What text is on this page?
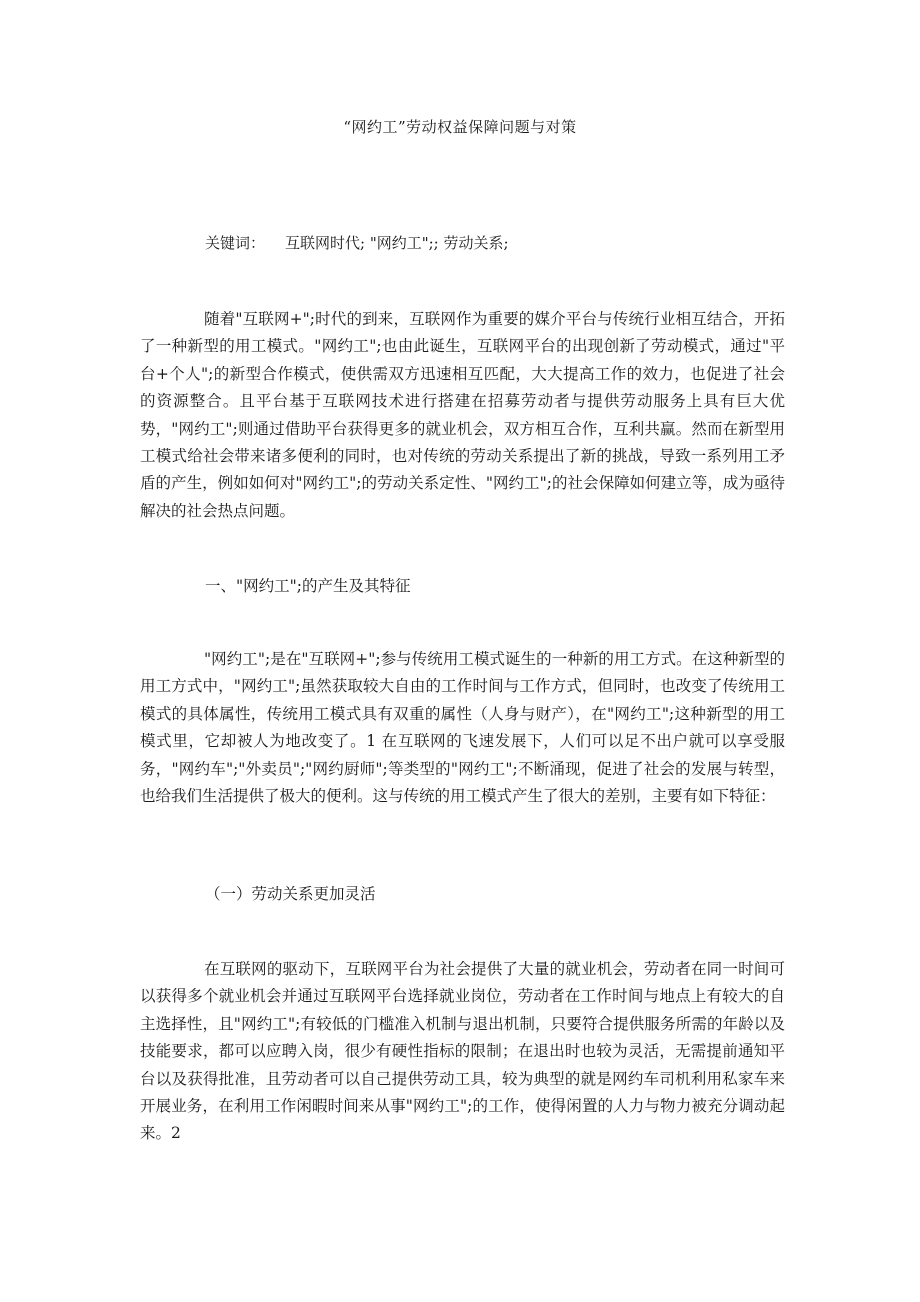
“网约工”劳动权益保障问题与对策
关键词： 互联网时代; "网约工";; 劳动关系;

随着"互联网+";时代的到来，互联网作为重要的媒介平台与传统行业相互结合，开拓了一种新型的用工模式。"网约工";也由此诞生，互联网平台的出现创新了劳动模式，通过"平台+个人";的新型合作模式，使供需双方迅速相互匹配，大大提高工作的效力，也促进了社会的资源整合。且平台基于互联网技术进行搭建在招募劳动者与提供劳动服务上具有巨大优势，"网约工";则通过借助平台获得更多的就业机会，双方相互合作，互利共赢。然而在新型用工模式给社会带来诸多便利的同时，也对传统的劳动关系提出了新的挑战，导致一系列用工矛盾的产生，例如如何对"网约工";的劳动关系定性、"网约工";的社会保障如何建立等，成为亟待解决的社会热点问题。

一、"网约工";的产生及其特征

"网约工";是在"互联网+";参与传统用工模式诞生的一种新的用工方式。在这种新型的用工方式中，"网约工";虽然获取较大自由的工作时间与工作方式，但同时，也改变了传统用工模式的具体属性，传统用工模式具有双重的属性（人身与财产），在"网约工";这种新型的用工模式里，它却被人为地改变了。1 在互联网的飞速发展下，人们可以足不出户就可以享受服务，"网约车";"外卖员";"网约厨师";等类型的"网约工";不断涌现，促进了社会的发展与转型，也给我们生活提供了极大的便利。这与传统的用工模式产生了很大的差别，主要有如下特征：

（一）劳动关系更加灵活

在互联网的驱动下，互联网平台为社会提供了大量的就业机会，劳动者在同一时间可以获得多个就业机会并通过互联网平台选择就业岗位，劳动者在工作时间与地点上有较大的自主选择性，且"网约工";有较低的门槛准入机制与退出机制，只要符合提供服务所需的年龄以及技能要求，都可以应聘入岗，很少有硬性指标的限制；在退出时也较为灵活，无需提前通知平台以及获得批准，且劳动者可以自己提供劳动工具，较为典型的就是网约车司机利用私家车来开展业务，在利用工作闲暇时间来从事"网约工";的工作，使得闲置的人力与物力被充分调动起来。2
